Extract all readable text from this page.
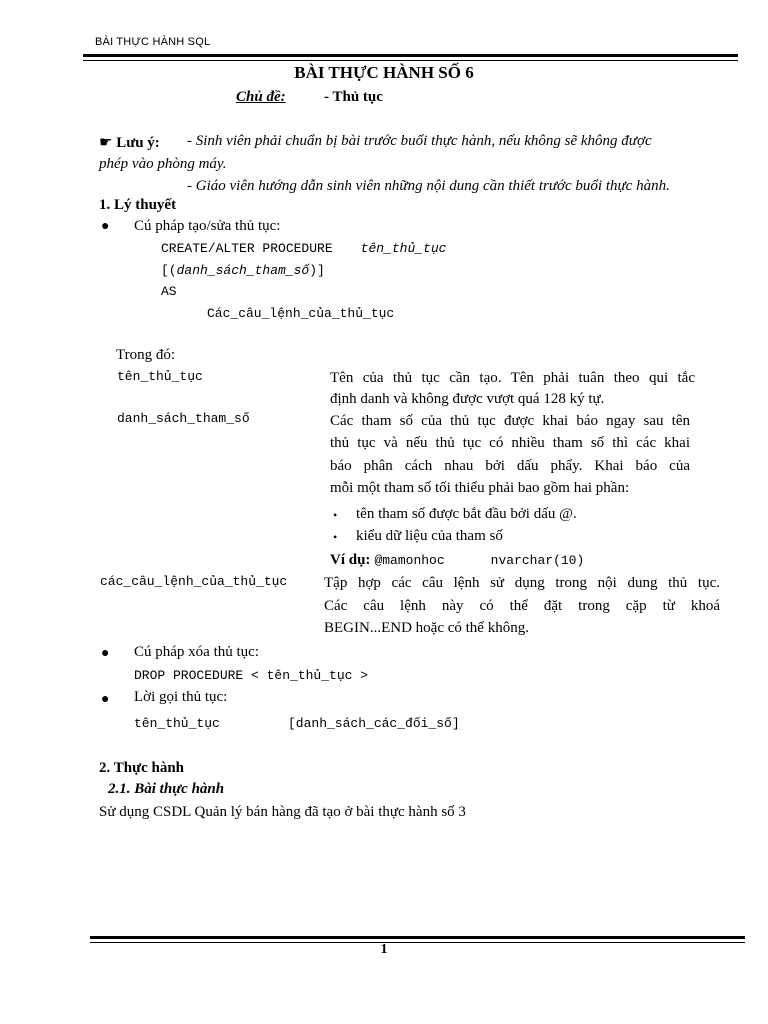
BÀI THỰC HÀNH SQL
BÀI THỰC HÀNH SỐ 6
Chủ đề:	- Thủ tục
☛ Lưu ý: - Sinh viên phải chuẩn bị bài trước buổi thực hành, nếu không sẽ không được
phép vào phòng máy.
- Giáo viên hướng dẫn sinh viên những nội dung cần thiết trước buổi thực hành.
1. Lý thuyết
● Cú pháp tạo/sửa thủ tục:
CREATE/ALTER PROCEDURE tên_thủ_tục
[(danh_sách_tham_số)]
AS
Các_câu_lệnh_của_thủ_tục
Trong đó:
tên_thủ_tục	Tên của thủ tục cần tạo. Tên phải tuân theo qui tắc
định danh và không được vượt quá 128 ký tự.
danh_sách_tham_số	Các tham số của thủ tục được khai báo ngay sau tên
thủ tục và nếu thủ tục có nhiều tham số thì các khai
báo phân cách nhau bởi dấu phẩy. Khai báo của
mỗi một tham số tối thiểu phải bao gồm hai phần:
• tên tham số được bắt đầu bởi dấu @.
• kiểu dữ liệu của tham số
Ví dụ: @mamonhoc	nvarchar(10)
các_câu_lệnh_của_thủ_tục Tập hợp các câu lệnh sử dụng trong nội dung thủ tục.
Các câu lệnh này có thể đặt trong cặp từ khoá
BEGIN...END hoặc có thể không.
● Cú pháp xóa thủ tục:
DROP PROCEDURE < tên_thủ_tục >
● Lời gọi thủ tục:
tên_thủ_tục	[danh_sách_các_đối_số]
2. Thực hành
2.1. Bài thực hành
Sử dụng CSDL Quản lý bán hàng đã tạo ở bài thực hành số 3
1
